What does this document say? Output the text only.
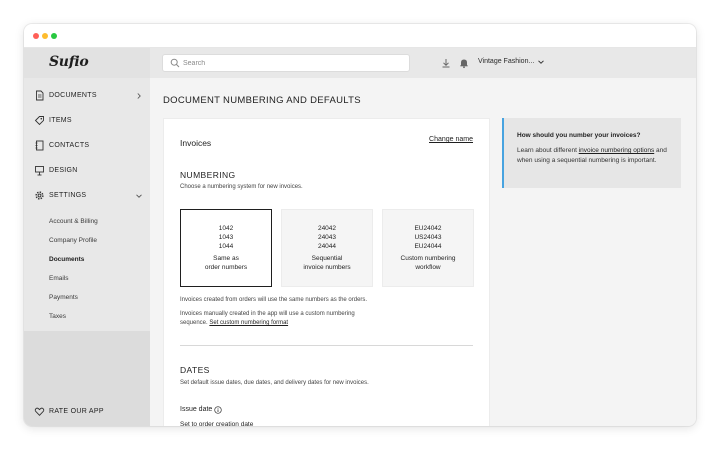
Sufio
Search	Vintage Fashion...
DOCUMENTS
ITEMS
CONTACTS
DESIGN
SETTINGS
Account & Billing
Company Profile
Documents
Emails
Payments
Taxes
RATE OUR APP
DOCUMENT NUMBERING AND DEFAULTS
Invoices	Change name
NUMBERING
Choose a numbering system for new invoices.
1042
1043
1044
Same as
order numbers
24042
24043
24044
Sequential
invoice numbers
EU24042
US24043
EU24044
Custom numbering
workflow
Invoices created from orders will use the same numbers as the orders.
Invoices manually created in the app will use a custom numbering
sequence. Set custom numbering format
DATES
Set default issue dates, due dates, and delivery dates for new invoices.
Issue date
Set to order creation date
How should you number your invoices?
Learn about different invoice numbering options and when using a sequential numbering is important.
